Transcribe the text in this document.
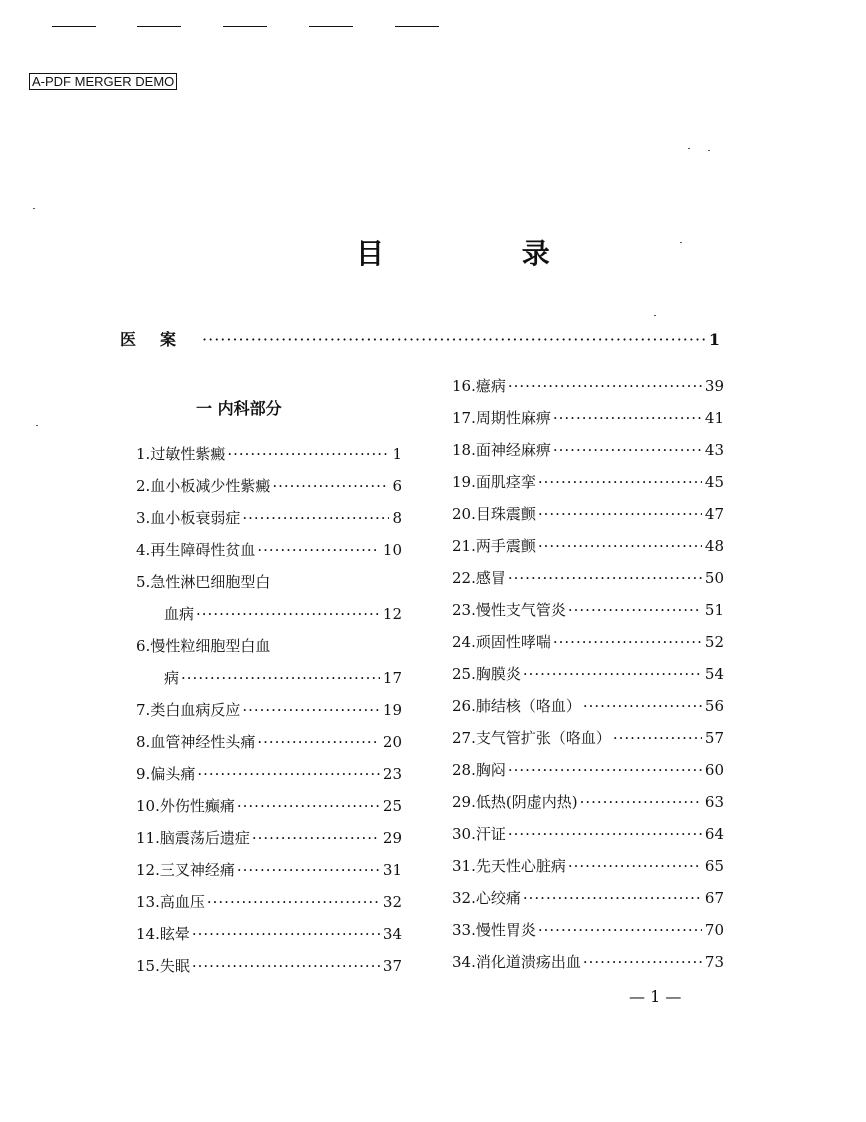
A-PDF MERGER DEMO
目 录
医案 ·····	1
一 内科部分
1. 过敏性紫癜 ·····	1
2. 血小板减少性紫癜 ·····	6
3. 血小板衰弱症 ·····	8
4. 再生障碍性贫血 ·····	10
5. 急性淋巴细胞型白
血病 ·····	12
6. 慢性粒细胞型白血
病 ·····	17
7. 类白血病反应 ·····	19
8. 血管神经性头痛 ·····	20
9. 偏头痛 ·····	23
10. 外伤性癫痛 ·····	25
11. 脑震荡后遗症 ·····	29
12. 三叉神经痛 ·····	31
13. 高血压 ·····	32
14. 眩晕 ·····	34
15. 失眠 ·····	37
16. 癔病 ·····	39
17. 周期性麻痹 ·····	41
18. 面神经麻痹 ·····	43
19. 面肌痉挛 ·····	45
20. 目珠震颤 ·····	47
21. 两手震颤 ·····	48
22. 感冒 ·····	50
23. 慢性支气管炎 ·····	51
24. 顽固性哮喘 ·····	52
25. 胸膜炎 ·····	54
26. 肺结核（咯血） ·····	56
27. 支气管扩张（咯血） ·····	57
28. 胸闷 ·····	60
29. 低热(阴虚内热) ·····	63
30. 汗证 ·····	64
31. 先天性心脏病 ·····	65
32. 心绞痛 ·····	67
33. 慢性胃炎 ·····	70
34. 消化道溃疡出血 ·····	73
— 1 —
